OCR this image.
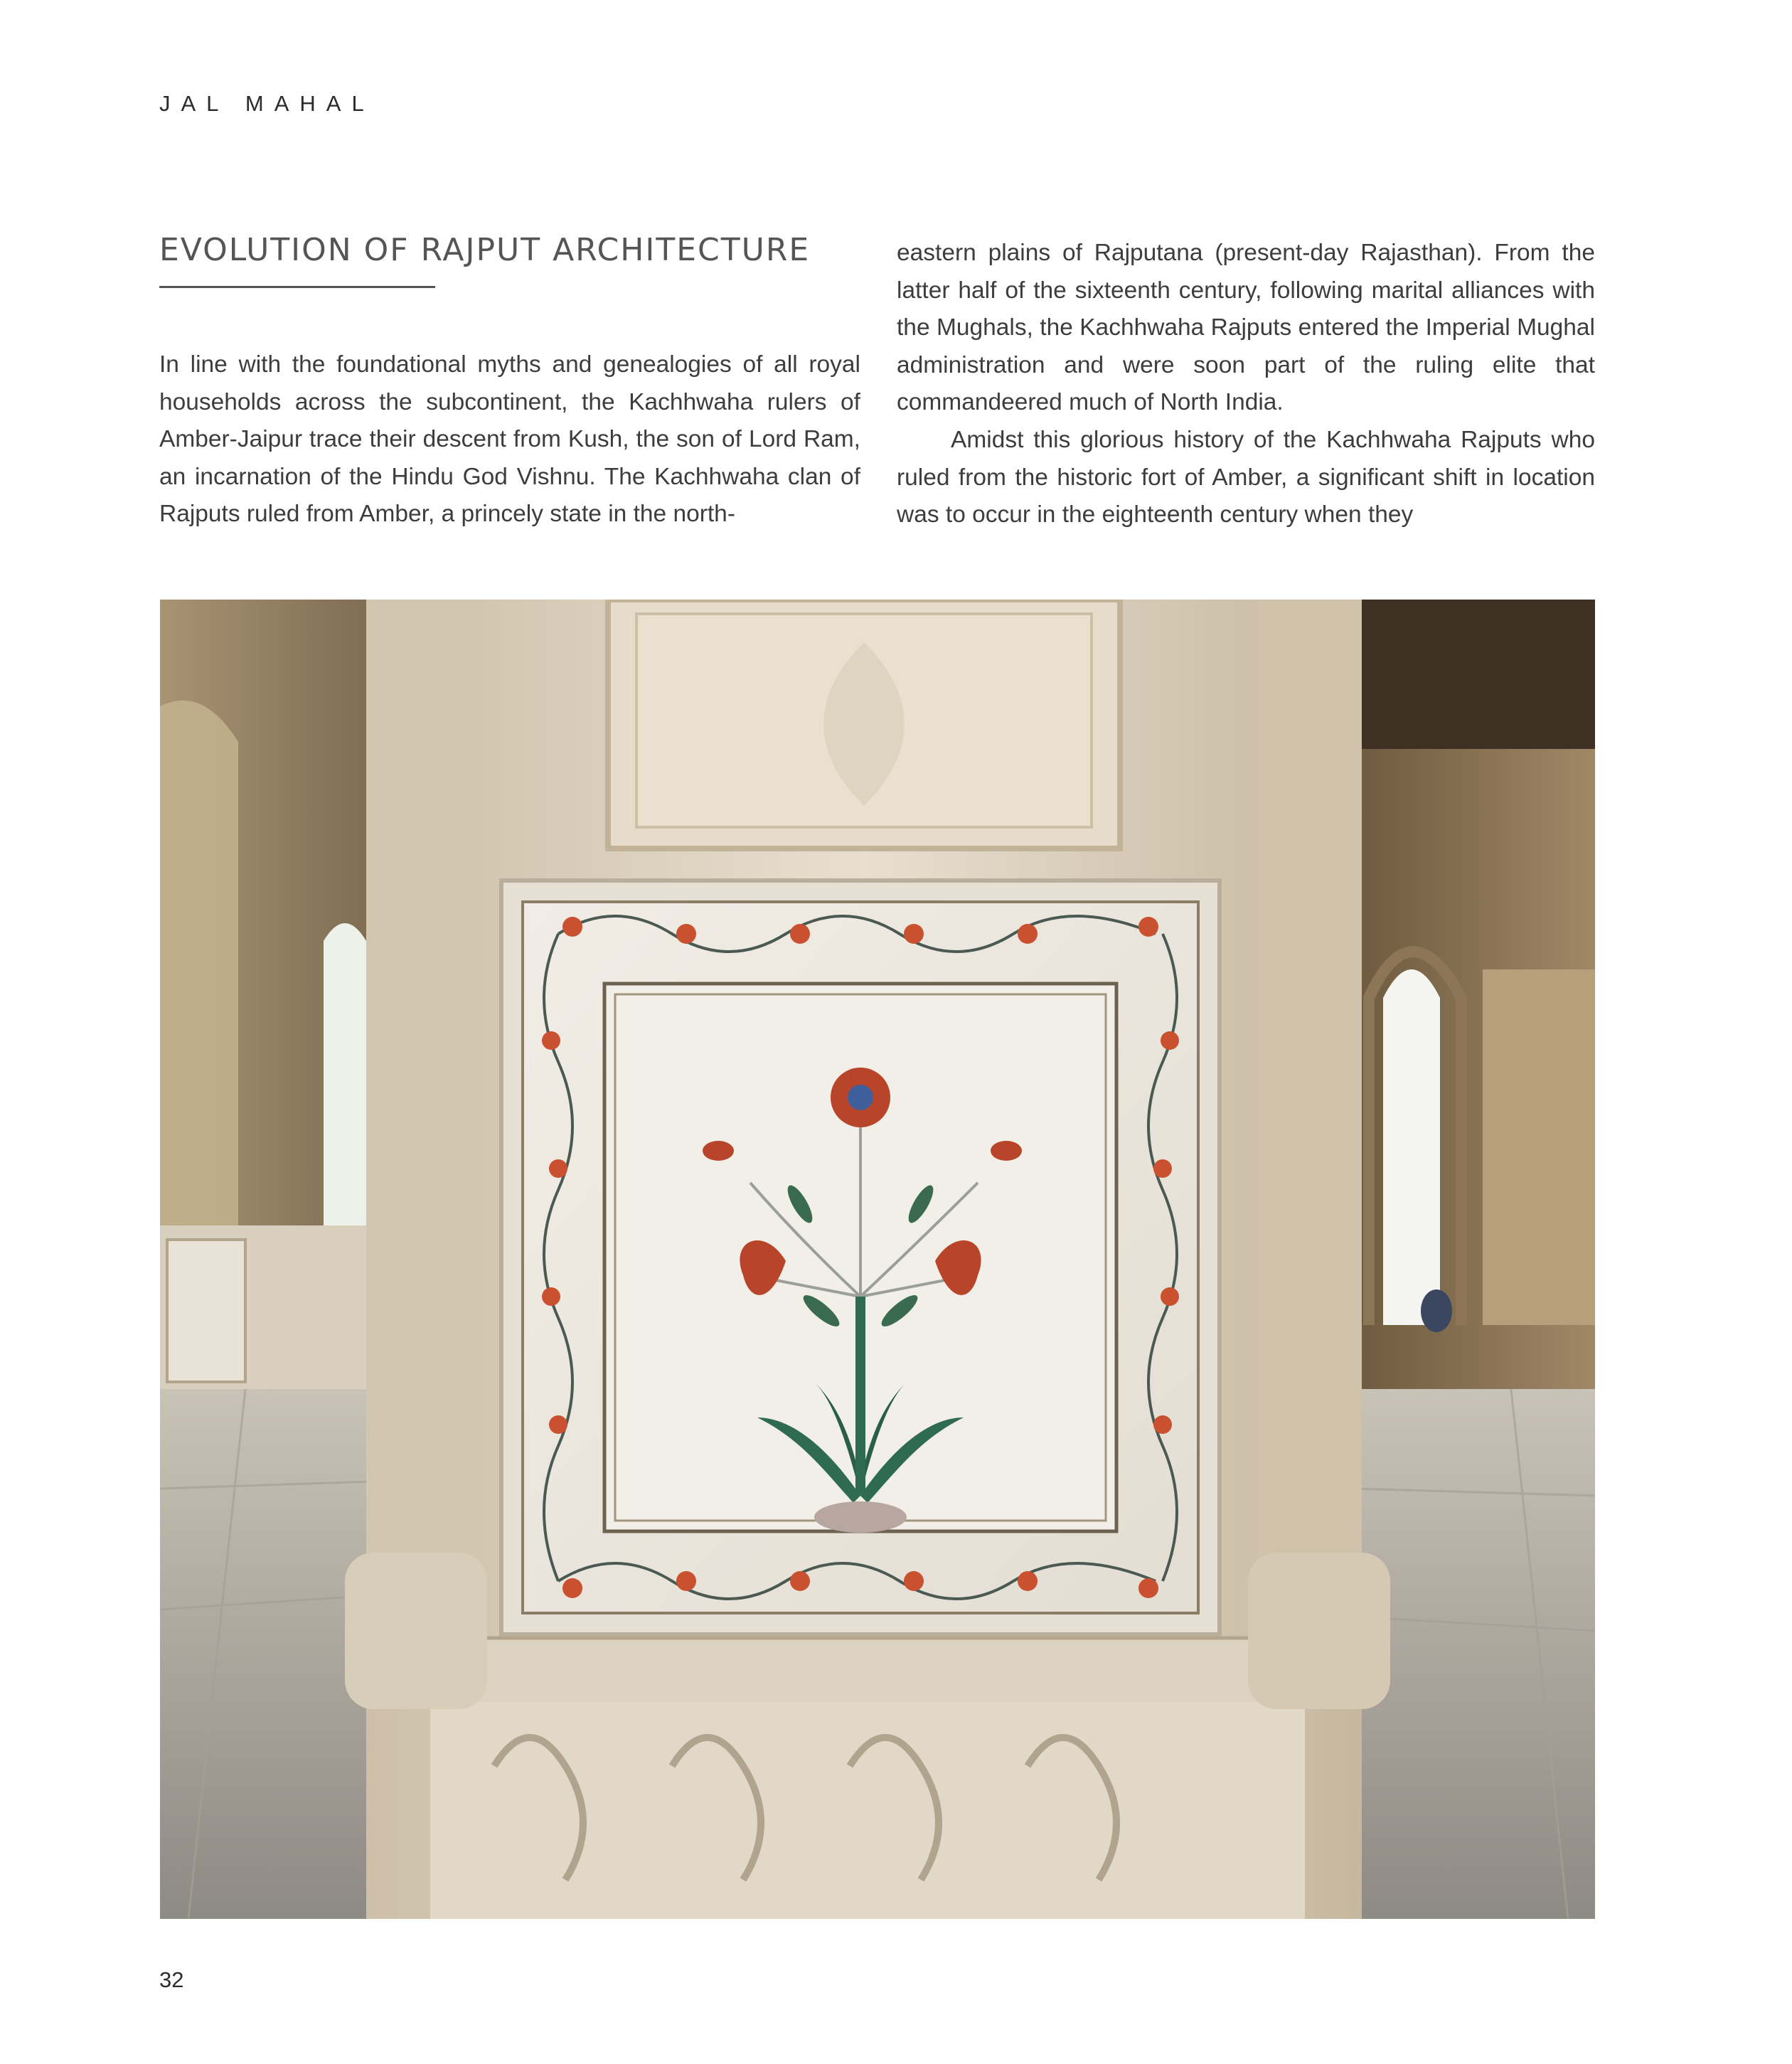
JAL MAHAL
EVOLUTION OF RAJPUT ARCHITECTURE

In line with the foundational myths and genealogies of all royal households across the subcontinent, the Kachhwaha rulers of Amber-Jaipur trace their descent from Kush, the son of Lord Ram, an incarnation of the Hindu God Vishnu. The Kachhwaha clan of Rajputs ruled from Amber, a princely state in the north-

eastern plains of Rajputana (present-day Rajasthan). From the latter half of the sixteenth century, following marital alliances with the Mughals, the Kachhwaha Rajputs entered the Imperial Mughal administration and were soon part of the ruling elite that commandeered much of North India.

Amidst this glorious history of the Kachhwaha Rajputs who ruled from the historic fort of Amber, a significant shift in location was to occur in the eighteenth century when they

32
